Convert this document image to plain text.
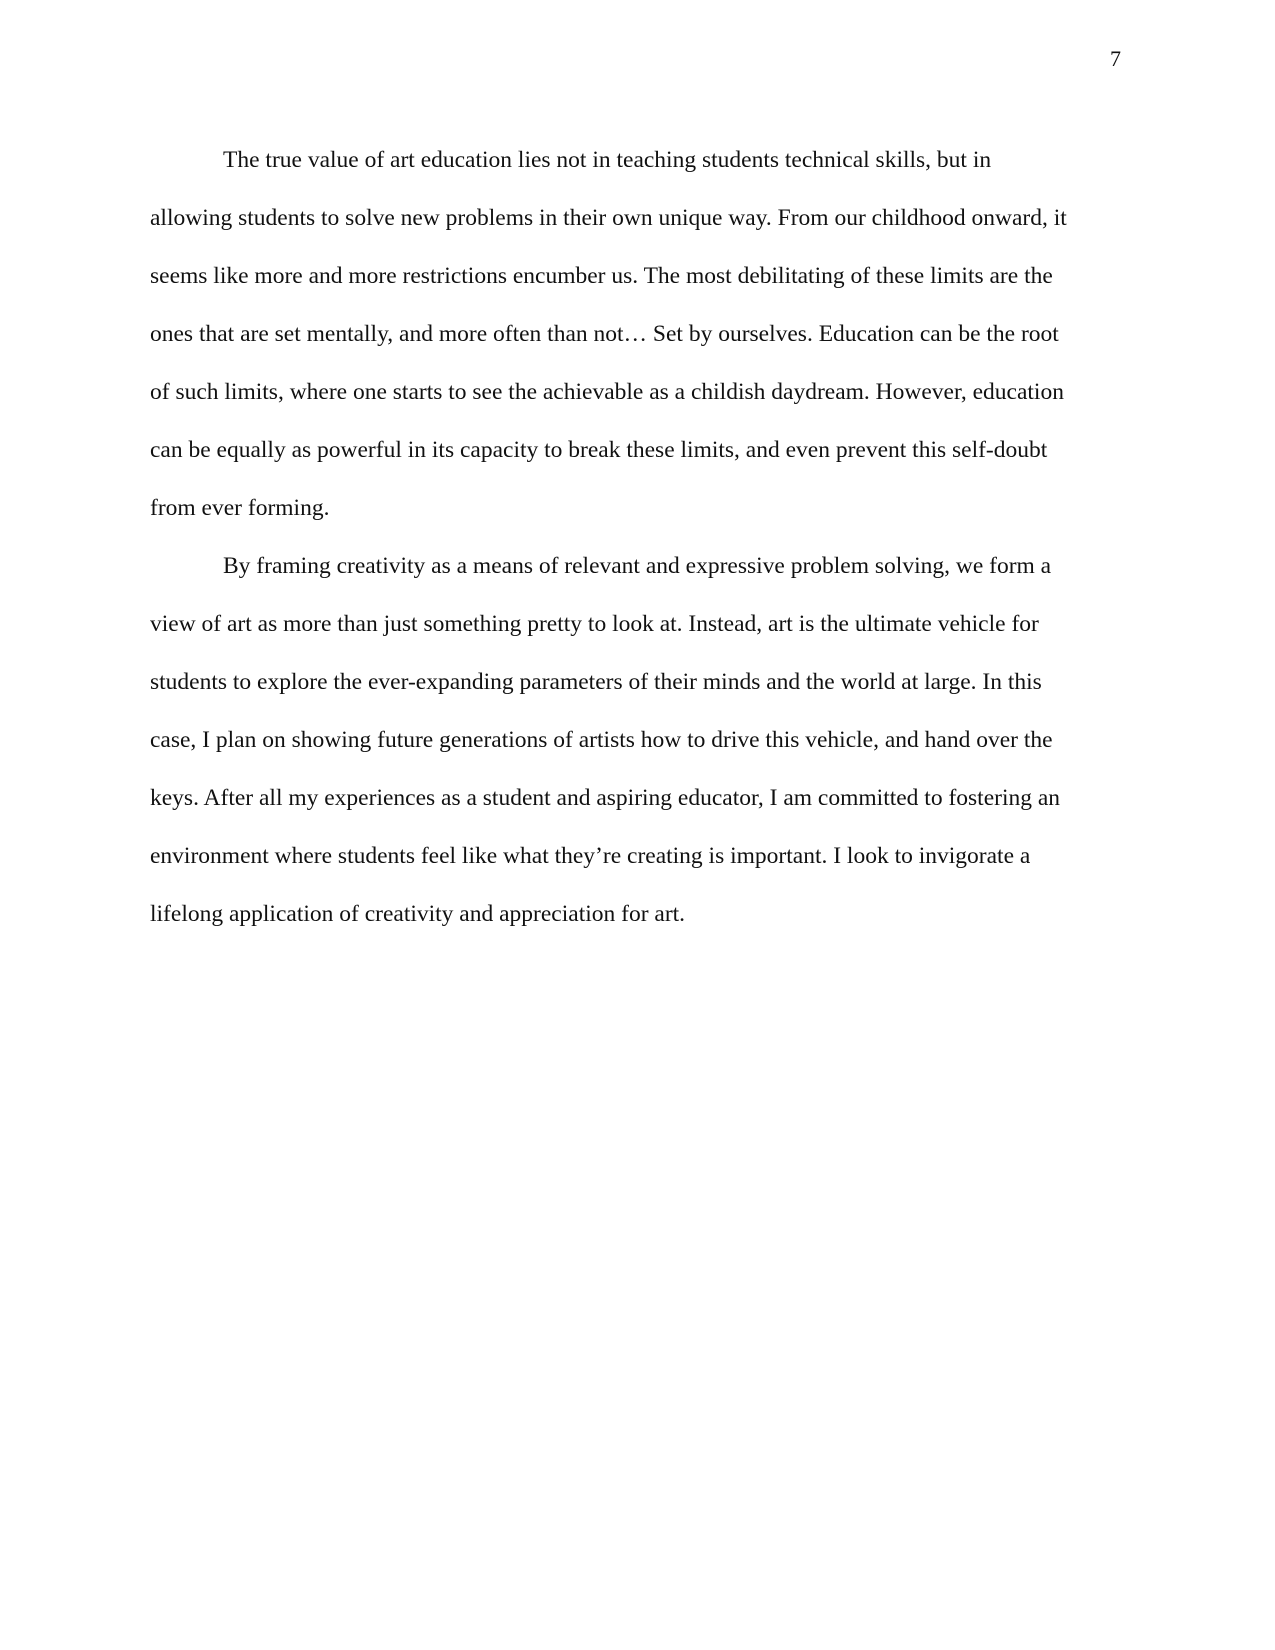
7
The true value of art education lies not in teaching students technical skills, but in
allowing students to solve new problems in their own unique way. From our childhood onward, it
seems like more and more restrictions encumber us. The most debilitating of these limits are the
ones that are set mentally, and more often than not… Set by ourselves. Education can be the root
of such limits, where one starts to see the achievable as a childish daydream. However, education
can be equally as powerful in its capacity to break these limits, and even prevent this self-doubt
from ever forming.
By framing creativity as a means of relevant and expressive problem solving, we form a
view of art as more than just something pretty to look at. Instead, art is the ultimate vehicle for
students to explore the ever-expanding parameters of their minds and the world at large. In this
case, I plan on showing future generations of artists how to drive this vehicle, and hand over the
keys. After all my experiences as a student and aspiring educator, I am committed to fostering an
environment where students feel like what they’re creating is important. I look to invigorate a
lifelong application of creativity and appreciation for art.
